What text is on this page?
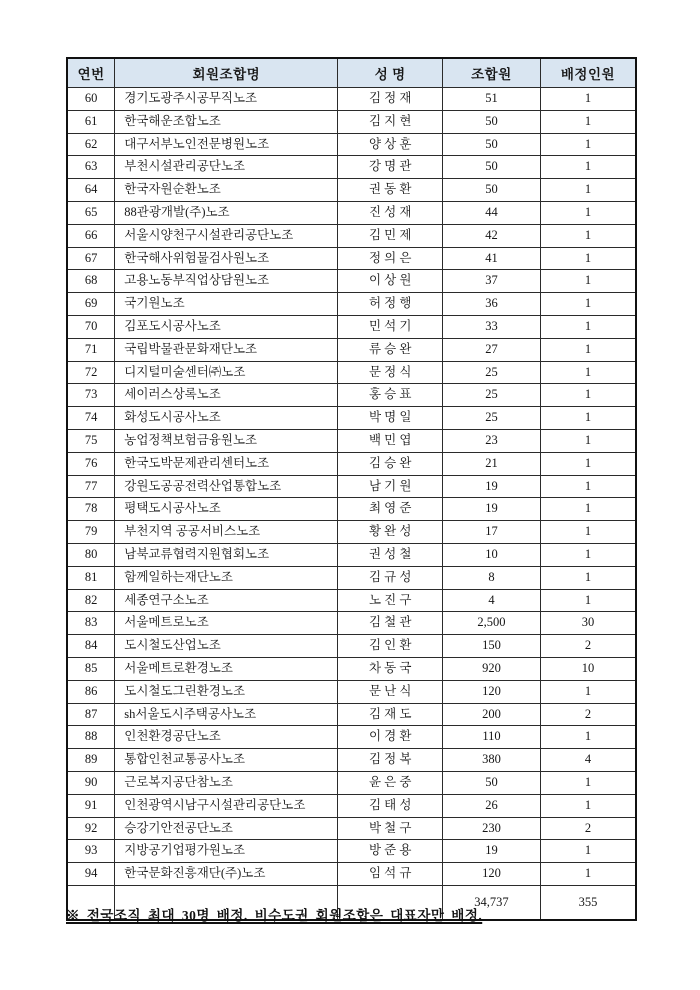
연번	회원조합명	성 명	조합원	배정인원
60	경기도광주시공무직노조	김 정 재	51	1
61	한국해운조합노조	김 지 현	50	1
62	대구서부노인전문병원노조	양 상 훈	50	1
63	부천시설관리공단노조	강 명 관	50	1
64	한국자원순환노조	권 동 환	50	1
65	88관광개발(주)노조	진 성 재	44	1
66	서울시양천구시설관리공단노조	김 민 제	42	1
67	한국해사위험물검사원노조	정 의 은	41	1
68	고용노동부직업상담원노조	이 상 원	37	1
69	국기원노조	허 정 행	36	1
70	김포도시공사노조	민 석 기	33	1
71	국립박물관문화재단노조	류 승 완	27	1
72	디지털미술센터㈜노조	문 정 식	25	1
73	세이러스상록노조	홍 승 표	25	1
74	화성도시공사노조	박 명 일	25	1
75	농업정책보험금융원노조	백 민 엽	23	1
76	한국도박문제관리센터노조	김 승 완	21	1
77	강원도공공전력산업통합노조	남 기 원	19	1
78	평택도시공사노조	최 영 준	19	1
79	부천지역 공공서비스노조	황 완 성	17	1
80	남북교류협력지원협회노조	권 성 철	10	1
81	함께일하는재단노조	김 규 성	8	1
82	세종연구소노조	노 진 구	4	1
83	서울메트로노조	김 철 관	2,500	30
84	도시철도산업노조	김 인 환	150	2
85	서울메트로환경노조	차 동 국	920	10
86	도시철도그린환경노조	문 난 식	120	1
87	sh서울도시주택공사노조	김 재 도	200	2
88	인천환경공단노조	이 경 환	110	1
89	통합인천교통공사노조	김 정 복	380	4
90	근로복지공단참노조	윤 은 중	50	1
91	인천광역시남구시설관리공단노조	김 태 성	26	1
92	승강기안전공단노조	박 철 구	230	2
93	지방공기업평가원노조	방 준 용	19	1
94	한국문화진흥재단(주)노조	임 석 규	120	1
			34,737	355
※ 전국조직 최대 30명 배정. 비수도권 회원조합은 대표자만 배정.
